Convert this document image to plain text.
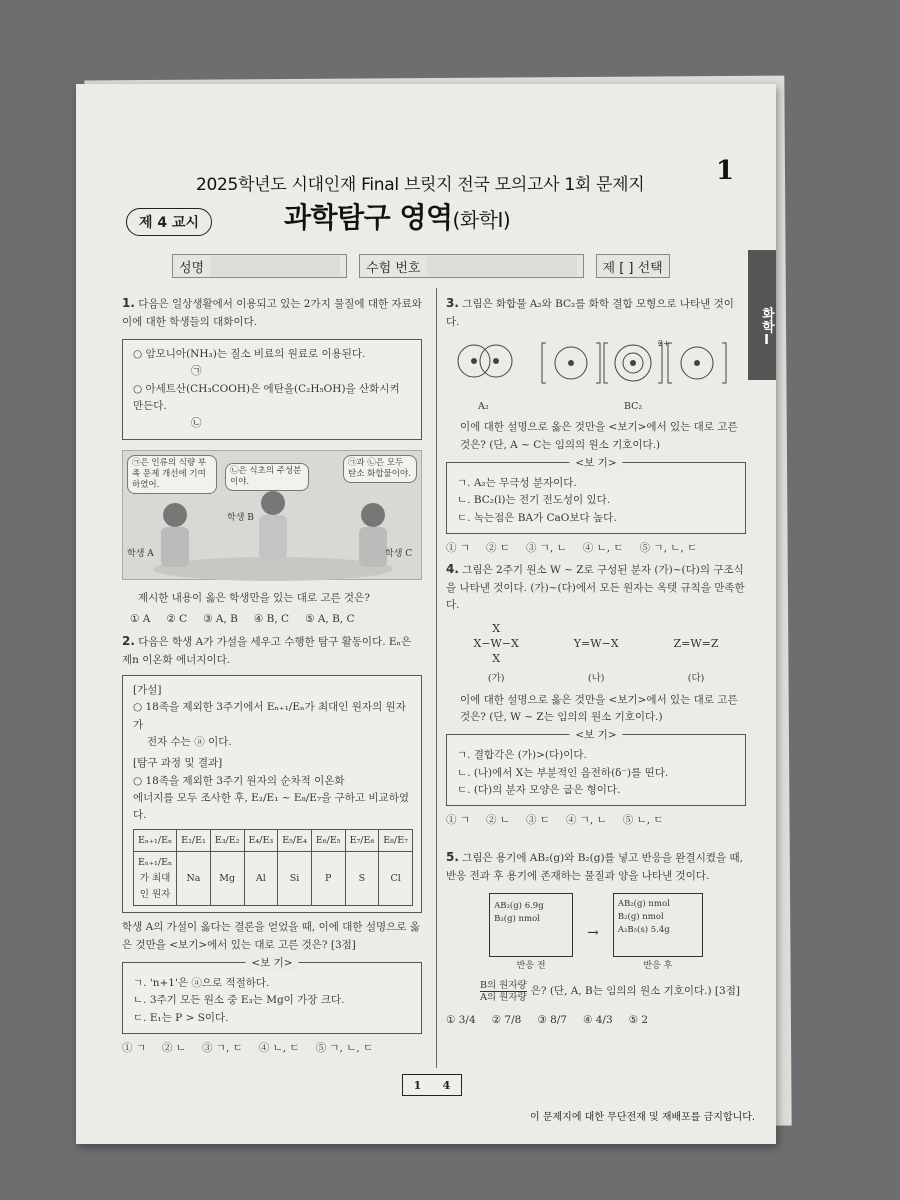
2025학년도 시대인재 Final 브릿지 전국 모의고사 1회 문제지	1
제 4 교시	과학탐구 영역(화학Ⅰ)
성명	수험 번호	제 [ ] 선택
화학Ⅰ
1. 다음은 일상생활에서 이용되고 있는 2가지 물질에 대한 자료와 이에 대한 학생들의 대화이다.
○ 암모니아(NH₃)는 질소 비료의 원료로 이용된다.
㉠
○ 아세트산(CH₃COOH)은 에탄올(C₂H₅OH)을 산화시켜 만든다.
㉡
㉠은 인류의 식량 부족 문제 개선에 기여하였어.
㉡은 식초의 주성분이야.
㉠과 ㉡은 모두 탄소 화합물이야.
학생 A
학생 B
학생 C
제시한 내용이 옳은 학생만을 있는 대로 고른 것은?
① A ② C ③ A, B ④ B, C ⑤ A, B, C
2. 다음은 학생 A가 가설을 세우고 수행한 탐구 활동이다. Eₙ은 제n 이온화 에너지이다.
[가설]
○ 18족을 제외한 3주기에서 Eₙ₊₁/Eₙ가 최대인 원자의 원자가
전자 수는 ⓐ 이다.
[탐구 과정 및 결과]
○ 18족을 제외한 3주기 원자의 순차적 이온화
에너지를 모두 조사한 후, E₂/E₁ ~ E₈/E₇을 구하고 비교하였다.
Eₙ₊₁/Eₙ	E₂/E₁	E₃/E₂	E₄/E₃	E₅/E₄	E₆/E₅	E₇/E₆	E₈/E₇
Eₙ₊₁/Eₙ가 최대인 원자	Na	Mg	Al	Si	P	S	Cl
학생 A의 가설이 옳다는 결론을 얻었을 때, 이에 대한 설명으로 옳은 것만을 <보기>에서 있는 대로 고른 것은? [3점]
<보 기>
ㄱ. 'n+1'은 ⓐ으로 적절하다.
ㄴ. 3주기 모든 원소 중 E₃는 Mg이 가장 크다.
ㄷ. E₁는 P > S이다.
① ㄱ ② ㄴ ③ ㄱ, ㄷ ④ ㄴ, ㄷ ⑤ ㄱ, ㄴ, ㄷ
3. 그림은 화합물 A₂와 BC₂를 화학 결합 모형으로 나타낸 것이다.
A₂	BC₂
2+
이에 대한 설명으로 옳은 것만을 <보기>에서 있는 대로 고른 것은? (단, A ~ C는 임의의 원소 기호이다.)
<보 기>
ㄱ. A₂는 무극성 분자이다.
ㄴ. BC₂(l)는 전기 전도성이 있다.
ㄷ. 녹는점은 BA가 CaO보다 높다.
① ㄱ ② ㄷ ③ ㄱ, ㄴ ④ ㄴ, ㄷ ⑤ ㄱ, ㄴ, ㄷ
4. 그림은 2주기 원소 W ~ Z로 구성된 분자 (가)~(다)의 구조식을 나타낸 것이다. (가)~(다)에서 모든 원자는 옥텟 규칙을 만족한다.
X
X−W−X
X
(가)

Y=W−X

(나)

Z=W=Z

(다)
이에 대한 설명으로 옳은 것만을 <보기>에서 있는 대로 고른 것은? (단, W ~ Z는 임의의 원소 기호이다.)
<보 기>
ㄱ. 결합각은 (가)>(다)이다.
ㄴ. (나)에서 X는 부분적인 음전하(δ⁻)를 띤다.
ㄷ. (다)의 분자 모양은 굽은 형이다.
① ㄱ ② ㄴ ③ ㄷ ④ ㄱ, ㄴ ⑤ ㄴ, ㄷ
5. 그림은 용기에 AB₂(g)와 B₂(g)를 넣고 반응을 완결시켰을 때, 반응 전과 후 용기에 존재하는 물질과 양을 나타낸 것이다.
AB₂(g) 6.9g
B₂(g) nmol
반응 전
→
AB₂(g) nmol
B₂(g) nmol
A₂B₅(s) 5.4g
반응 후
B의 원자량
A의 원자량
은? (단, A, B는 임의의 원소 기호이다.) [3점]
① 3/4 ② 7/8 ③ 8/7 ④ 4/3 ⑤ 2
1 4
이 문제지에 대한 무단전재 및 재배포를 금지합니다.
